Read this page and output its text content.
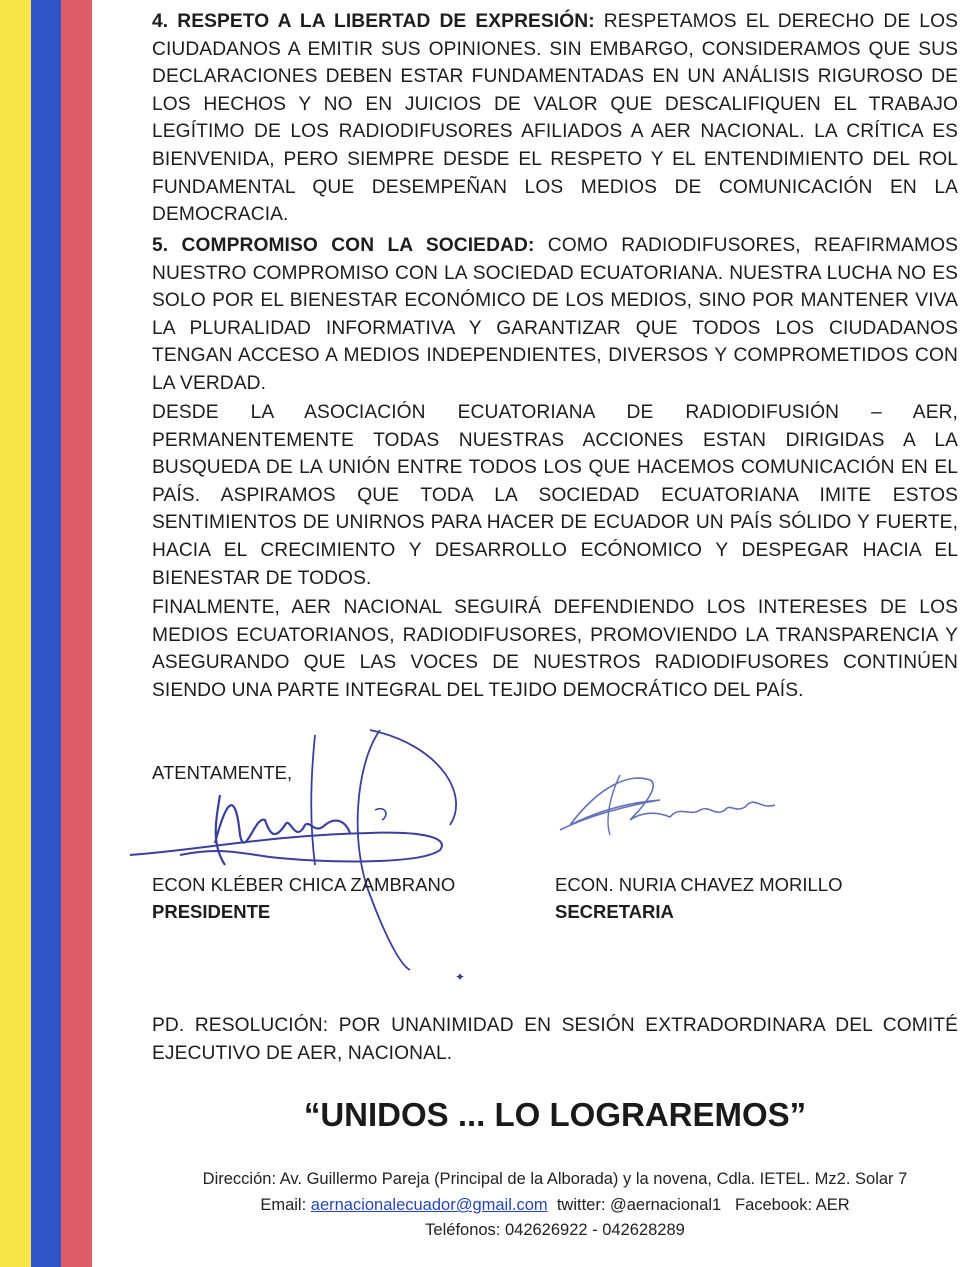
4. RESPETO A LA LIBERTAD DE EXPRESIÓN: RESPETAMOS EL DERECHO DE LOS CIUDADANOS A EMITIR SUS OPINIONES. SIN EMBARGO, CONSIDERAMOS QUE SUS DECLARACIONES DEBEN ESTAR FUNDAMENTADAS EN UN ANÁLISIS RIGUROSO DE LOS HECHOS Y NO EN JUICIOS DE VALOR QUE DESCALIFIQUEN EL TRABAJO LEGÍTIMO DE LOS RADIODIFUSORES AFILIADOS A AER NACIONAL. LA CRÍTICA ES BIENVENIDA, PERO SIEMPRE DESDE EL RESPETO Y EL ENTENDIMIENTO DEL ROL FUNDAMENTAL QUE DESEMPEÑAN LOS MEDIOS DE COMUNICACIÓN EN LA DEMOCRACIA.

5. COMPROMISO CON LA SOCIEDAD: COMO RADIODIFUSORES, REAFIRMAMOS NUESTRO COMPROMISO CON LA SOCIEDAD ECUATORIANA. NUESTRA LUCHA NO ES SOLO POR EL BIENESTAR ECONÓMICO DE LOS MEDIOS, SINO POR MANTENER VIVA LA PLURALIDAD INFORMATIVA Y GARANTIZAR QUE TODOS LOS CIUDADANOS TENGAN ACCESO A MEDIOS INDEPENDIENTES, DIVERSOS Y COMPROMETIDOS CON LA VERDAD.

DESDE LA ASOCIACIÓN ECUATORIANA DE RADIODIFUSIÓN – AER, PERMANENTEMENTE TODAS NUESTRAS ACCIONES ESTAN DIRIGIDAS A LA BUSQUEDA DE LA UNIÓN ENTRE TODOS LOS QUE HACEMOS COMUNICACIÓN EN EL PAÍS. ASPIRAMOS QUE TODA LA SOCIEDAD ECUATORIANA IMITE ESTOS SENTIMIENTOS DE UNIRNOS PARA HACER DE ECUADOR UN PAÍS SÓLIDO Y FUERTE, HACIA EL CRECIMIENTO Y DESARROLLO ECÓNOMICO Y DESPEGAR HACIA EL BIENESTAR DE TODOS.

FINALMENTE, AER NACIONAL SEGUIRÁ DEFENDIENDO LOS INTERESES DE LOS MEDIOS ECUATORIANOS, RADIODIFUSORES, PROMOVIENDO LA TRANSPARENCIA Y ASEGURANDO QUE LAS VOCES DE NUESTROS RADIODIFUSORES CONTINÚEN SIENDO UNA PARTE INTEGRAL DEL TEJIDO DEMOCRÁTICO DEL PAÍS.

ATENTAMENTE,
✦
ECON KLÉBER CHICA ZAMBRANO
PRESIDENTE
ECON. NURIA CHAVEZ MORILLO
SECRETARIA

PD. RESOLUCIÓN: POR UNANIMIDAD EN SESIÓN EXTRADORDINARA DEL COMITÉ EJECUTIVO DE AER, NACIONAL.

“UNIDOS ... LO LOGRAREMOS”
Dirección: Av. Guillermo Pareja (Principal de la Alborada) y la novena, Cdla. IETEL. Mz2. Solar 7
Email: aernacionalecuador@gmail.com twitter: @aernacional1 Facebook: AER
Teléfonos: 042626922 - 042628289
